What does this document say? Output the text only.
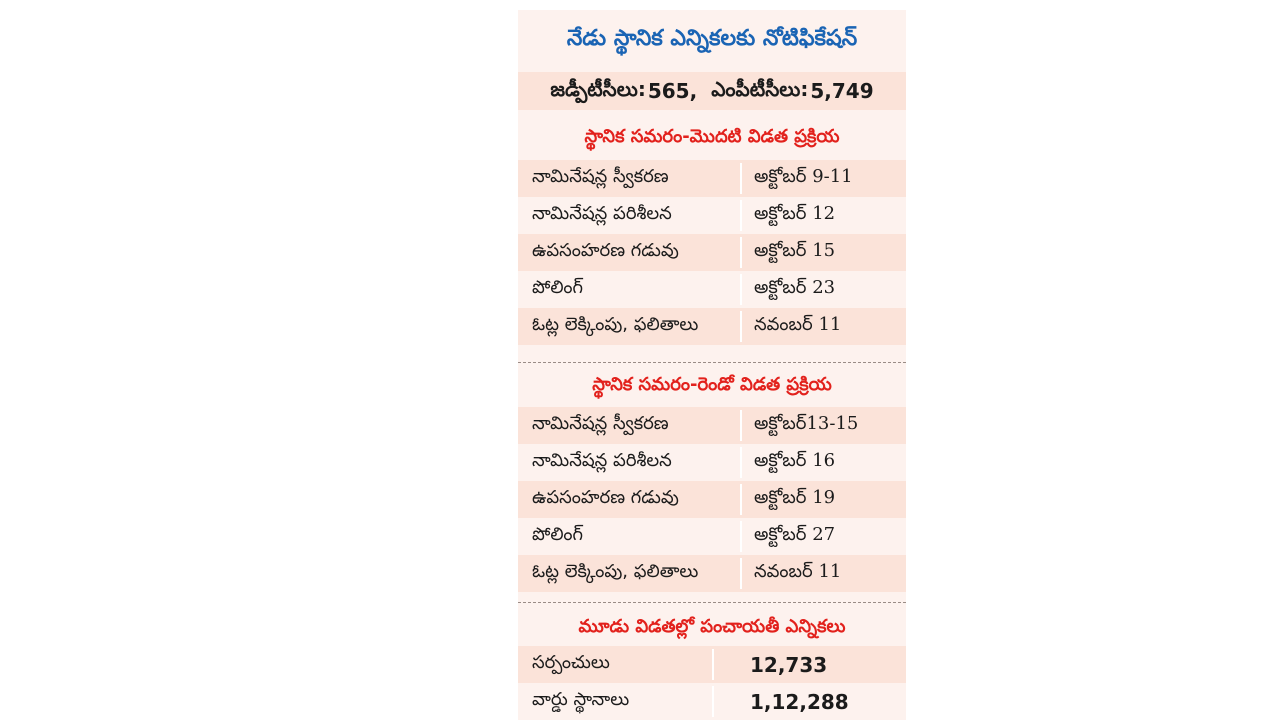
నేడు స్థానిక ఎన్నికలకు నోటిఫికేషన్
జడ్పీటీసీలు: 565, ఎంపీటీసీలు: 5,749
స్థానిక సమరం-మొదటి విడత ప్రక్రియ
నామినేషన్ల స్వీకరణ	అక్టోబర్ 9-11
నామినేషన్ల పరిశీలన	అక్టోబర్ 12
ఉపసంహరణ గడువు	అక్టోబర్ 15
పోలింగ్	అక్టోబర్ 23
ఓట్ల లెక్కింపు, ఫలితాలు	నవంబర్ 11
స్థానిక సమరం-రెండో విడత ప్రక్రియ
నామినేషన్ల స్వీకరణ	అక్టోబర్13-15
నామినేషన్ల పరిశీలన	అక్టోబర్ 16
ఉపసంహరణ గడువు	అక్టోబర్ 19
పోలింగ్	అక్టోబర్ 27
ఓట్ల లెక్కింపు, ఫలితాలు	నవంబర్ 11
మూడు విడతల్లో పంచాయతీ ఎన్నికలు
సర్పంచులు	12,733
వార్డు స్థానాలు	1,12,288
